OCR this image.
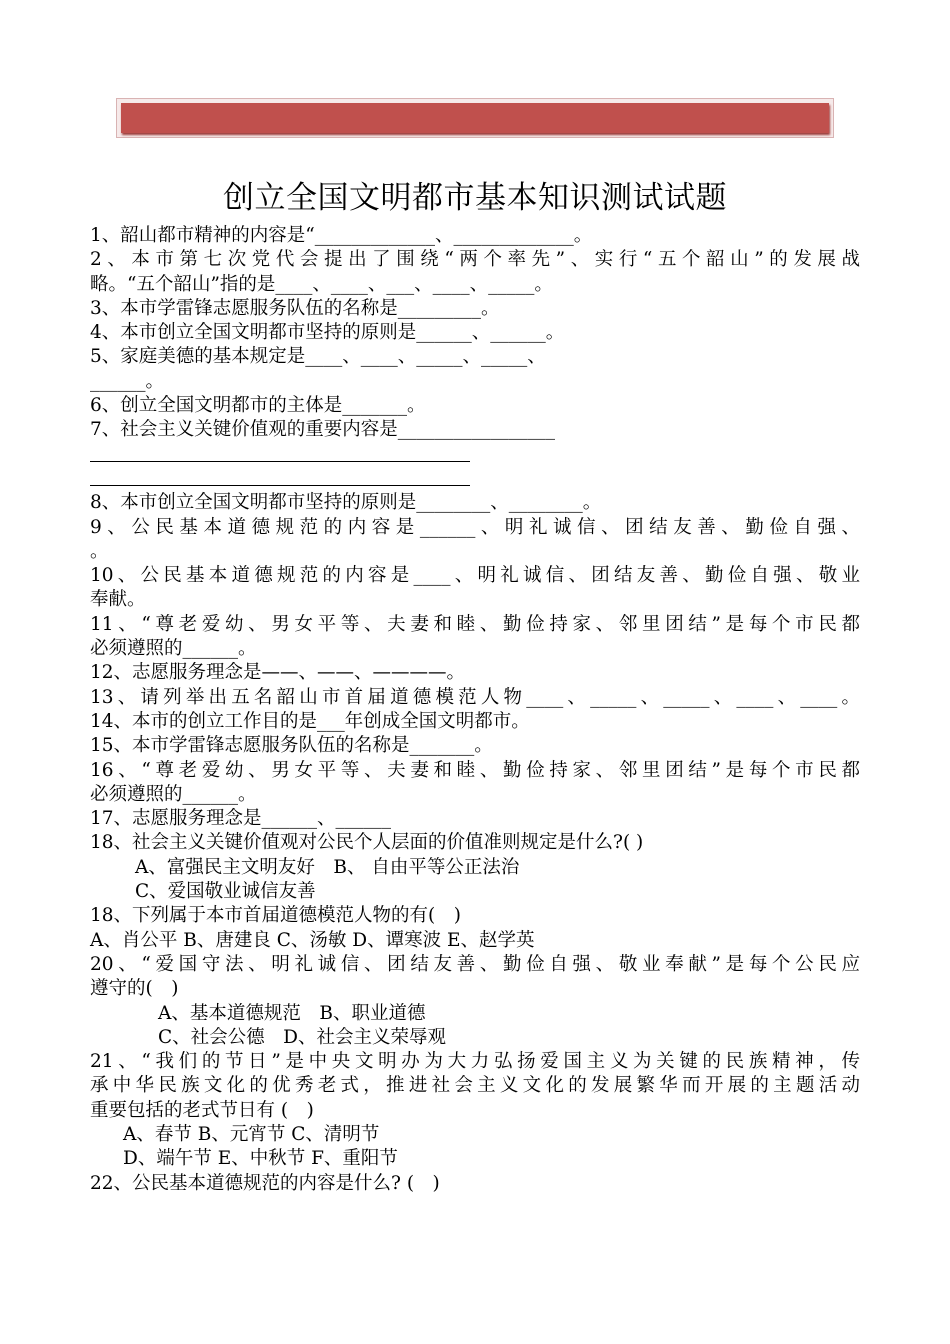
创立全国文明都市基本知识测试试题
1、韶山都市精神的内容是“_____________、_____________。
2、本市第七次党代会提出了围绕“两个率先”、实行“五个韶山”的发展战
略。“五个韶山”指的是____、____、___、____、_____。
3、本市学雷锋志愿服务队伍的名称是_________。
4、本市创立全国文明都市坚持的原则是______、______。
5、家庭美德的基本规定是____、____、_____、_____、
______。
6、创立全国文明都市的主体是_______。
7、社会主义关键价值观的重要内容是_________________
8、本市创立全国文明都市坚持的原则是________、________。
9、公民基本道德规范的内容是______、明礼诚信、团结友善、勤俭自强、
。
10、公民基本道德规范的内容是____、明礼诚信、团结友善、勤俭自强、敬业
奉献。
11、“尊老爱幼、男女平等、夫妻和睦、勤俭持家、邻里团结”是每个市民都
必须遵照的______。
12、志愿服务理念是——、——、————。
13、请列举出五名韶山市首届道德模范人物____、_____、_____、____、____。
14、本市的创立工作目的是___年创成全国文明都市。
15、本市学雷锋志愿服务队伍的名称是_______。
16、“尊老爱幼、男女平等、夫妻和睦、勤俭持家、邻里团结”是每个市民都
必须遵照的______。
17、志愿服务理念是______、______
18、社会主义关键价值观对公民个人层面的价值准则规定是什么?( )
A、富强民主文明友好　B、 自由平等公正法治
C、爱国敬业诚信友善
18、下列属于本市首届道德模范人物的有(　)
A、肖公平 B、唐建良 C、汤敏 D、谭寒波 E、赵学英
20、“爱国守法、明礼诚信、团结友善、勤俭自强、敬业奉献”是每个公民应
遵守的(　)
A、基本道德规范　B、职业道德
C、社会公德　D、社会主义荣辱观
21、“我们的节日”是中央文明办为大力弘扬爱国主义为关键的民族精神，传
承中华民族文化的优秀老式，推进社会主义文化的发展繁华而开展的主题活动
重要包括的老式节日有 (　)
A、春节 B、元宵节 C、清明节
D、端午节 E、中秋节 F、重阳节
22、公民基本道德规范的内容是什么? (　)
